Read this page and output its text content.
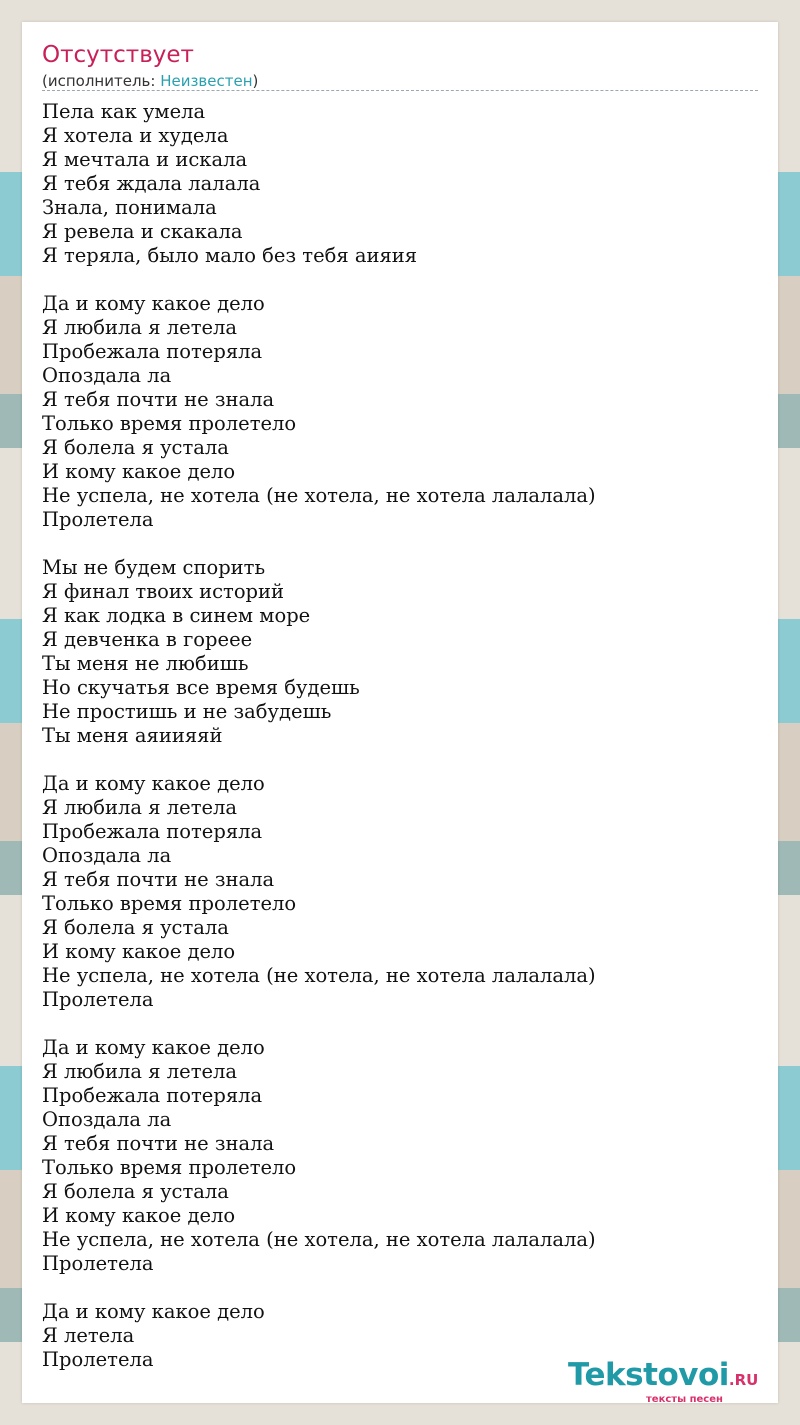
Отсутствует
(исполнитель: Неизвестен)
Пела как умела
Я хотела и худела
Я мечтала и искала
Я тебя ждала лалала
Знала, понимала
Я ревела и скакала
Я теряла, было мало без тебя аияия
Да и кому какое дело
Я любила я летела
Пробежала потеряла
Опоздала ла
Я тебя почти не знала
Только время пролетело
Я болела я устала
И кому какое дело
Не успела, не хотела (не хотела, не хотела лалалала)
Пролетела
Мы не будем спорить
Я финал твоих историй
Я как лодка в синем море
Я девченка в гореее
Ты меня не любишь
Но скучатья все время будешь
Не простишь и не забудешь
Ты меня аяиияяй
Да и кому какое дело
Я любила я летела
Пробежала потеряла
Опоздала ла
Я тебя почти не знала
Только время пролетело
Я болела я устала
И кому какое дело
Не успела, не хотела (не хотела, не хотела лалалала)
Пролетела
Да и кому какое дело
Я любила я летела
Пробежала потеряла
Опоздала ла
Я тебя почти не знала
Только время пролетело
Я болела я устала
И кому какое дело
Не успела, не хотела (не хотела, не хотела лалалала)
Пролетела
Да и кому какое дело
Я летела
Пролетела	Tekstovoi.RU
тексты песен
